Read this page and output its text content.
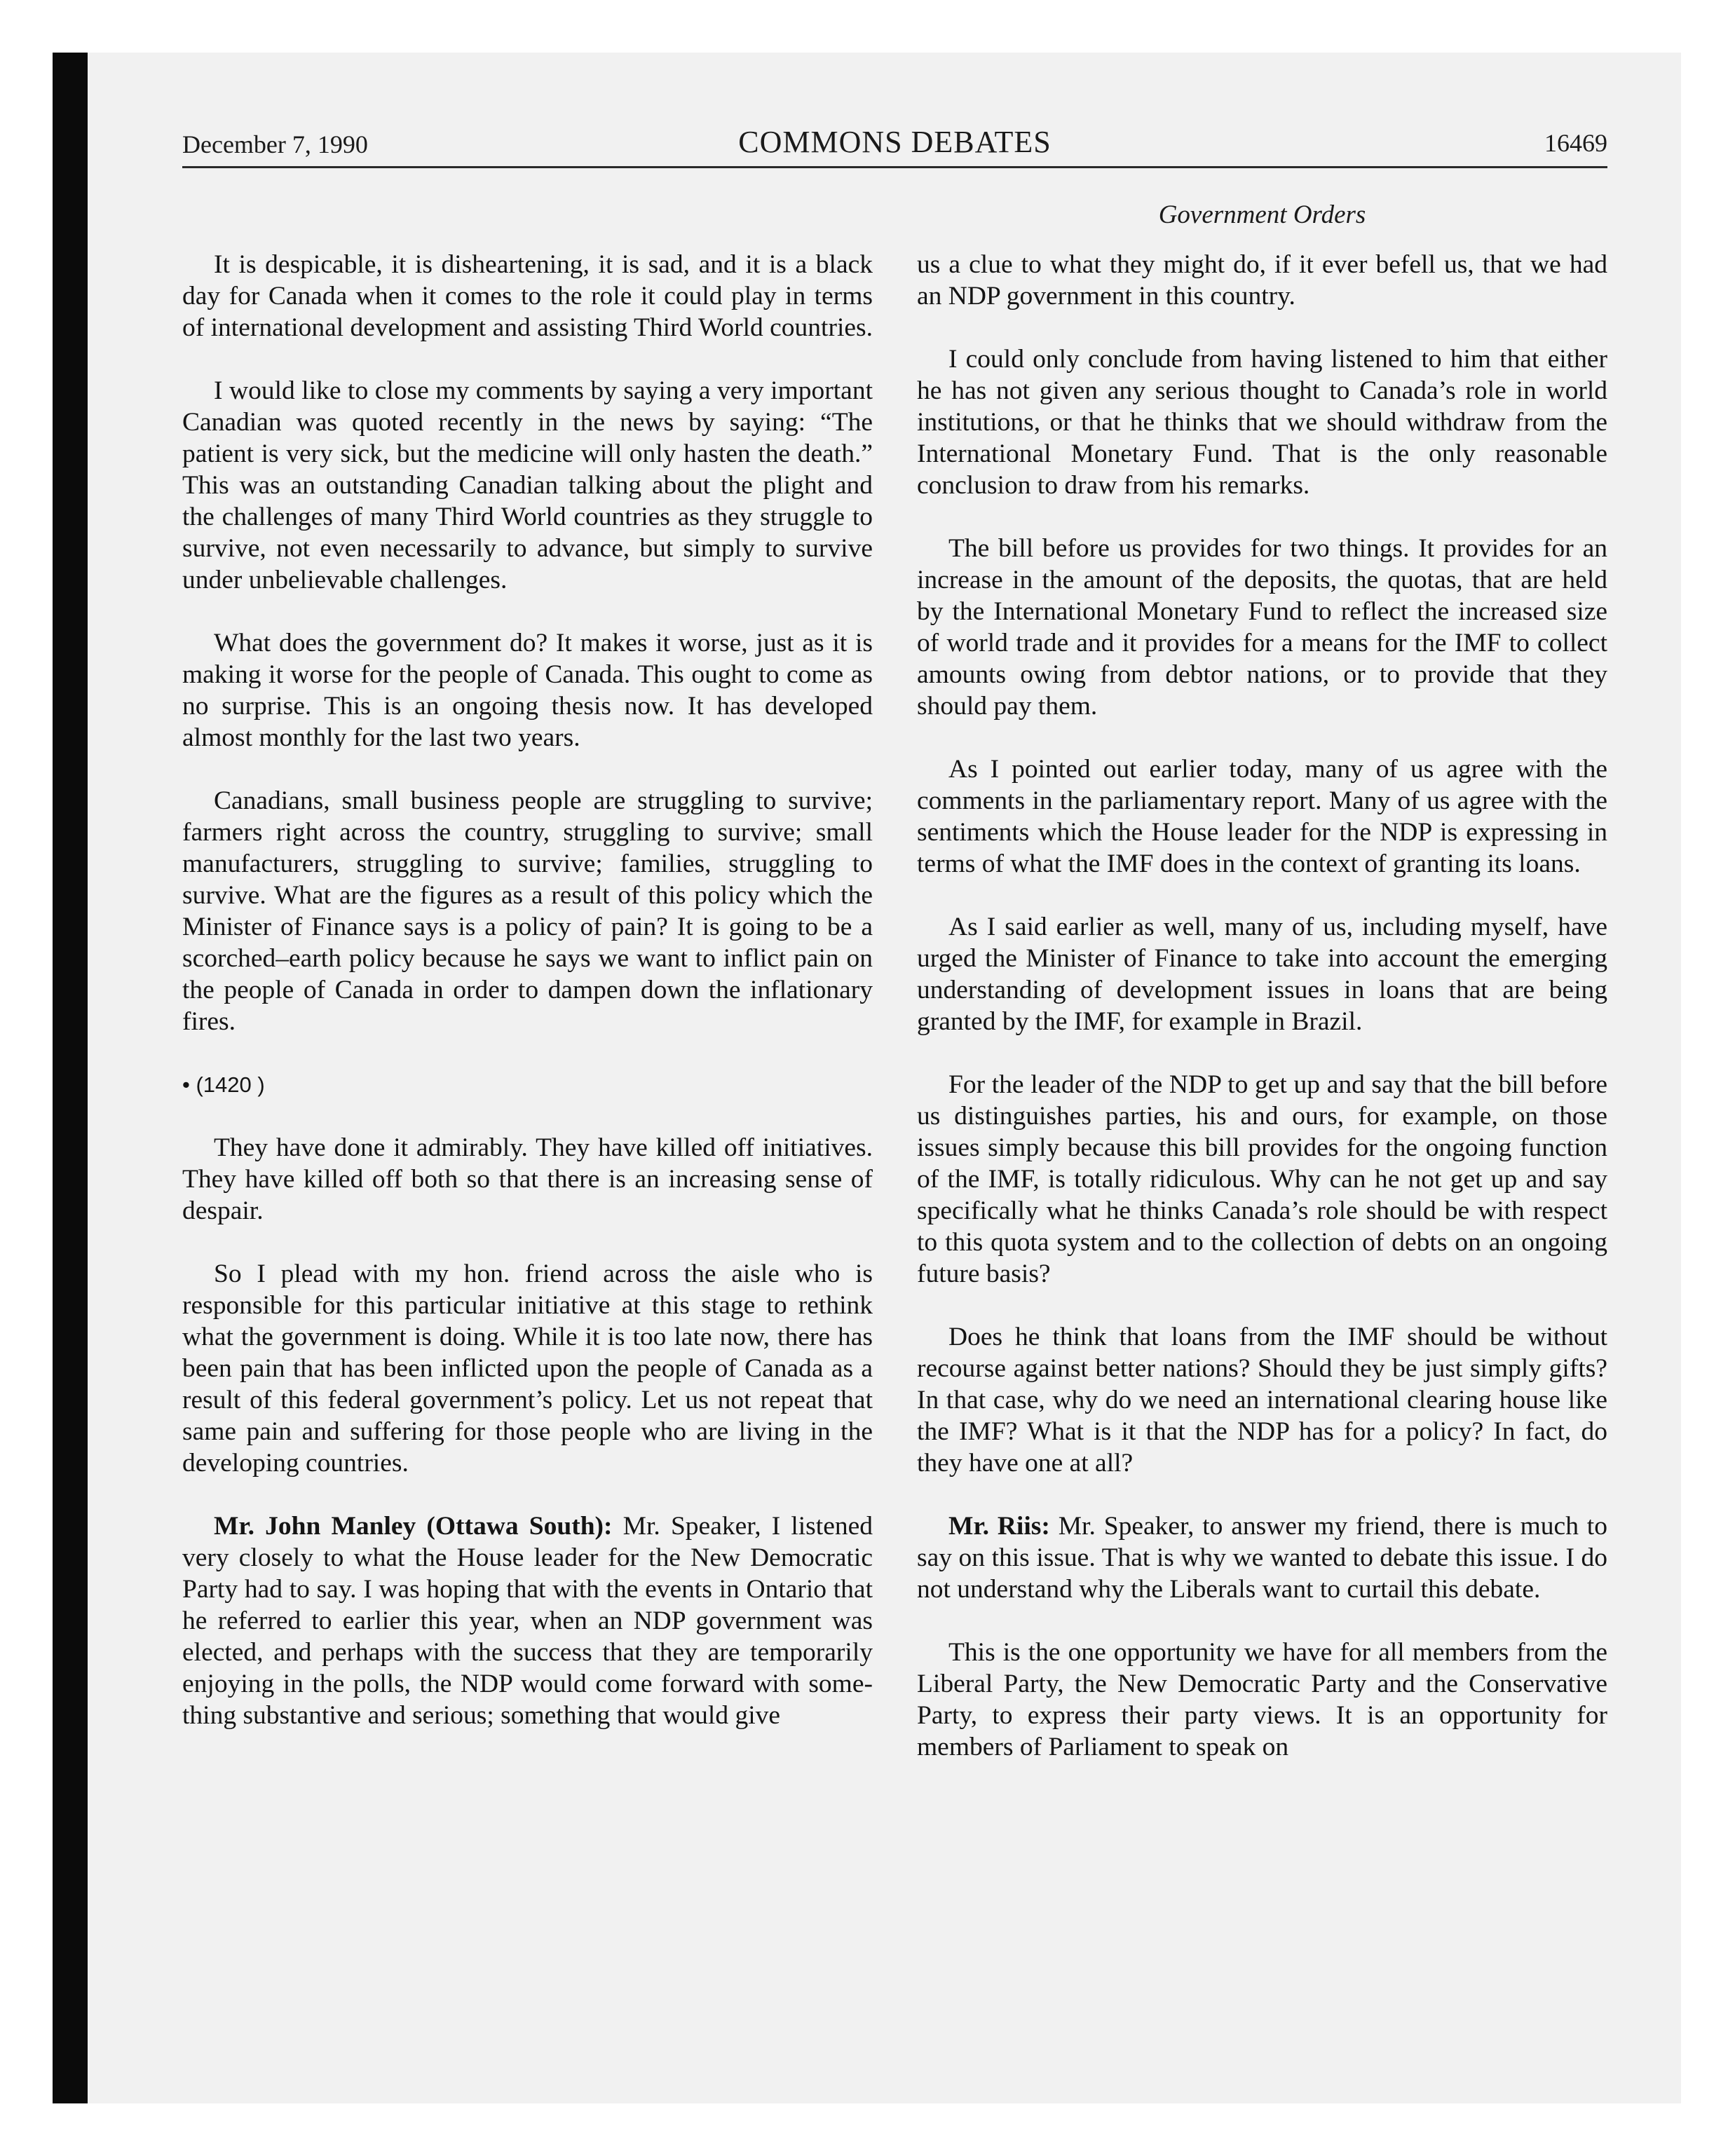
December 7, 1990	COMMONS DEBATES	16469
Government Orders

It is despicable, it is disheartening, it is sad, and it is a black day for Canada when it comes to the role it could play in terms of international development and assisting Third World countries.

I would like to close my comments by saying a very important Canadian was quoted recently in the news by saying: “The patient is very sick, but the medicine will only hasten the death.” This was an outstanding Canadian talking about the plight and the challenges of many Third World countries as they struggle to survive, not even necessarily to advance, but simply to survive under unbelievable challenges.

What does the government do? It makes it worse, just as it is making it worse for the people of Canada. This ought to come as no surprise. This is an ongoing thesis now. It has developed almost monthly for the last two years.

Canadians, small business people are struggling to survive; farmers right across the country, struggling to survive; small manufacturers, struggling to survive; families, struggling to survive. What are the figures as a result of this policy which the Minister of Finance says is a policy of pain? It is going to be a scorched–earth policy because he says we want to inflict pain on the people of Canada in order to dampen down the inflationary fires.

• (1420 )

They have done it admirably. They have killed off initiatives. They have killed off both so that there is an increasing sense of despair.

So I plead with my hon. friend across the aisle who is responsible for this particular initiative at this stage to rethink what the government is doing. While it is too late now, there has been pain that has been inflicted upon the people of Canada as a result of this federal government’s policy. Let us not repeat that same pain and suffering for those people who are living in the developing countries.

Mr. John Manley (Ottawa South): Mr. Speaker, I listened very closely to what the House leader for the New Democratic Party had to say. I was hoping that with the events in Ontario that he referred to earlier this year, when an NDP government was elected, and perhaps with the success that they are temporarily enjoying in the polls, the NDP would come forward with something substantive and serious; something that would give

us a clue to what they might do, if it ever befell us, that we had an NDP government in this country.

I could only conclude from having listened to him that either he has not given any serious thought to Canada’s role in world institutions, or that he thinks that we should withdraw from the International Monetary Fund. That is the only reasonable conclusion to draw from his remarks.

The bill before us provides for two things. It provides for an increase in the amount of the deposits, the quotas, that are held by the International Monetary Fund to reflect the increased size of world trade and it provides for a means for the IMF to collect amounts owing from debtor nations, or to provide that they should pay them.

As I pointed out earlier today, many of us agree with the comments in the parliamentary report. Many of us agree with the sentiments which the House leader for the NDP is expressing in terms of what the IMF does in the context of granting its loans.

As I said earlier as well, many of us, including myself, have urged the Minister of Finance to take into account the emerging understanding of development issues in loans that are being granted by the IMF, for example in Brazil.

For the leader of the NDP to get up and say that the bill before us distinguishes parties, his and ours, for example, on those issues simply because this bill provides for the ongoing function of the IMF, is totally ridiculous. Why can he not get up and say specifically what he thinks Canada’s role should be with respect to this quota system and to the collection of debts on an ongoing future basis?

Does he think that loans from the IMF should be without recourse against better nations? Should they be just simply gifts? In that case, why do we need an international clearing house like the IMF? What is it that the NDP has for a policy? In fact, do they have one at all?

Mr. Riis: Mr. Speaker, to answer my friend, there is much to say on this issue. That is why we wanted to debate this issue. I do not understand why the Liberals want to curtail this debate.

This is the one opportunity we have for all members from the Liberal Party, the New Democratic Party and the Conservative Party, to express their party views. It is an opportunity for members of Parliament to speak on
